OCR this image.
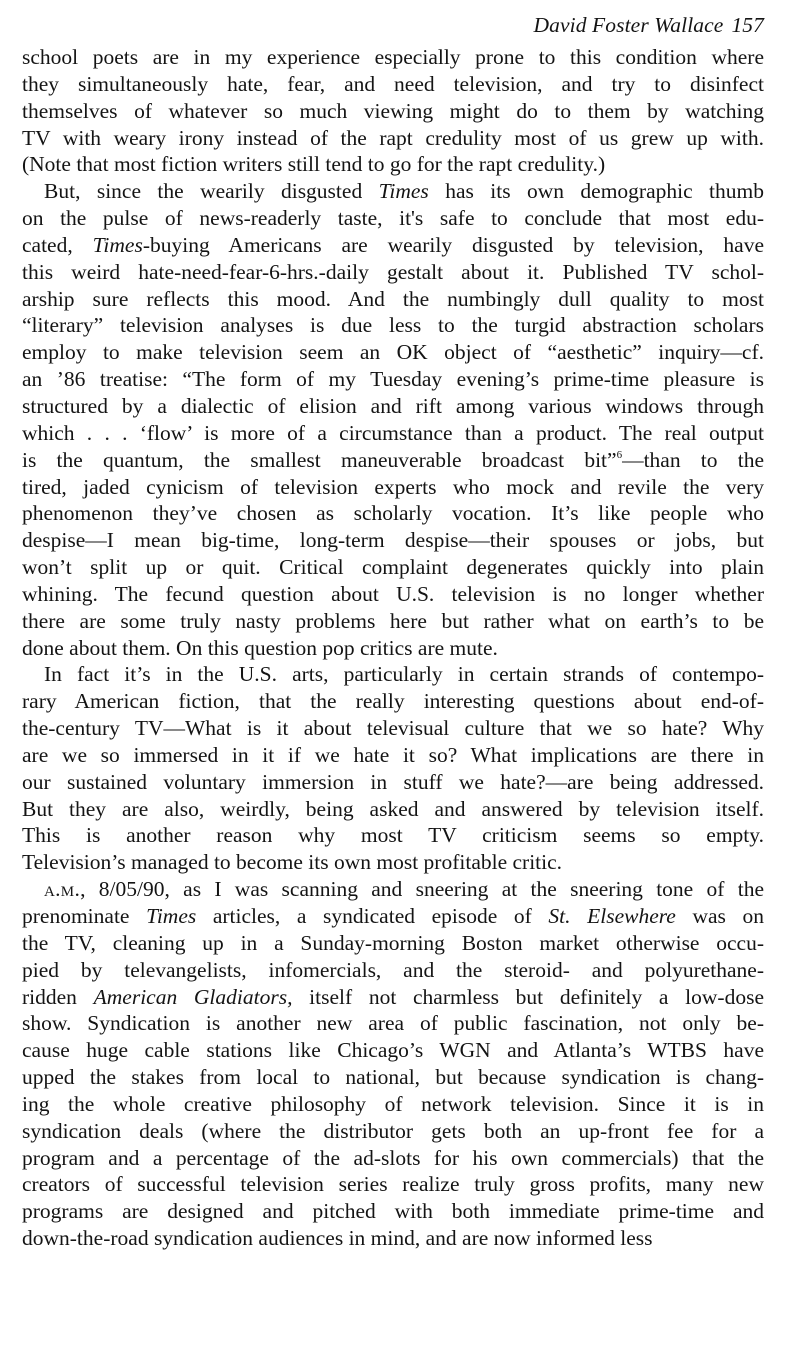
David Foster Wallace 157
school poets are in my experience especially prone to this condition where
they simultaneously hate, fear, and need television, and try to disinfect
themselves of whatever so much viewing might do to them by watching
TV with weary irony instead of the rapt credulity most of us grew up with.
(Note that most fiction writers still tend to go for the rapt credulity.)
But, since the wearily disgusted Times has its own demographic thumb
on the pulse of news-readerly taste, it's safe to conclude that most edu-
cated, Times-buying Americans are wearily disgusted by television, have
this weird hate-need-fear-6-hrs.-daily gestalt about it. Published TV schol-
arship sure reflects this mood. And the numbingly dull quality to most
“literary” television analyses is due less to the turgid abstraction scholars
employ to make television seem an OK object of “aesthetic” inquiry—cf.
an ’86 treatise: “The form of my Tuesday evening’s prime-time pleasure is
structured by a dialectic of elision and rift among various windows through
which . . . ‘flow’ is more of a circumstance than a product. The real output
is the quantum, the smallest maneuverable broadcast bit”$^6$—than to the
tired, jaded cynicism of television experts who mock and revile the very
phenomenon they’ve chosen as scholarly vocation. It’s like people who
despise—I mean big-time, long-term despise—their spouses or jobs, but
won’t split up or quit. Critical complaint degenerates quickly into plain
whining. The fecund question about U.S. television is no longer whether
there are some truly nasty problems here but rather what on earth’s to be
done about them. On this question pop critics are mute.
In fact it’s in the U.S. arts, particularly in certain strands of contempo-
rary American fiction, that the really interesting questions about end-of-
the-century TV—What is it about televisual culture that we so hate? Why
are we so immersed in it if we hate it so? What implications are there in
our sustained voluntary immersion in stuff we hate?—are being addressed.
But they are also, weirdly, being asked and answered by television itself.
This is another reason why most TV criticism seems so empty.
Television’s managed to become its own most profitable critic.
a.m., 8/05/90, as I was scanning and sneering at the sneering tone of the
prenominate Times articles, a syndicated episode of St. Elsewhere was on
the TV, cleaning up in a Sunday-morning Boston market otherwise occu-
pied by televangelists, infomercials, and the steroid- and polyurethane-
ridden American Gladiators, itself not charmless but definitely a low-dose
show. Syndication is another new area of public fascination, not only be-
cause huge cable stations like Chicago’s WGN and Atlanta’s WTBS have
upped the stakes from local to national, but because syndication is chang-
ing the whole creative philosophy of network television. Since it is in
syndication deals (where the distributor gets both an up-front fee for a
program and a percentage of the ad-slots for his own commercials) that the
creators of successful television series realize truly gross profits, many new
programs are designed and pitched with both immediate prime-time and
down-the-road syndication audiences in mind, and are now informed less
